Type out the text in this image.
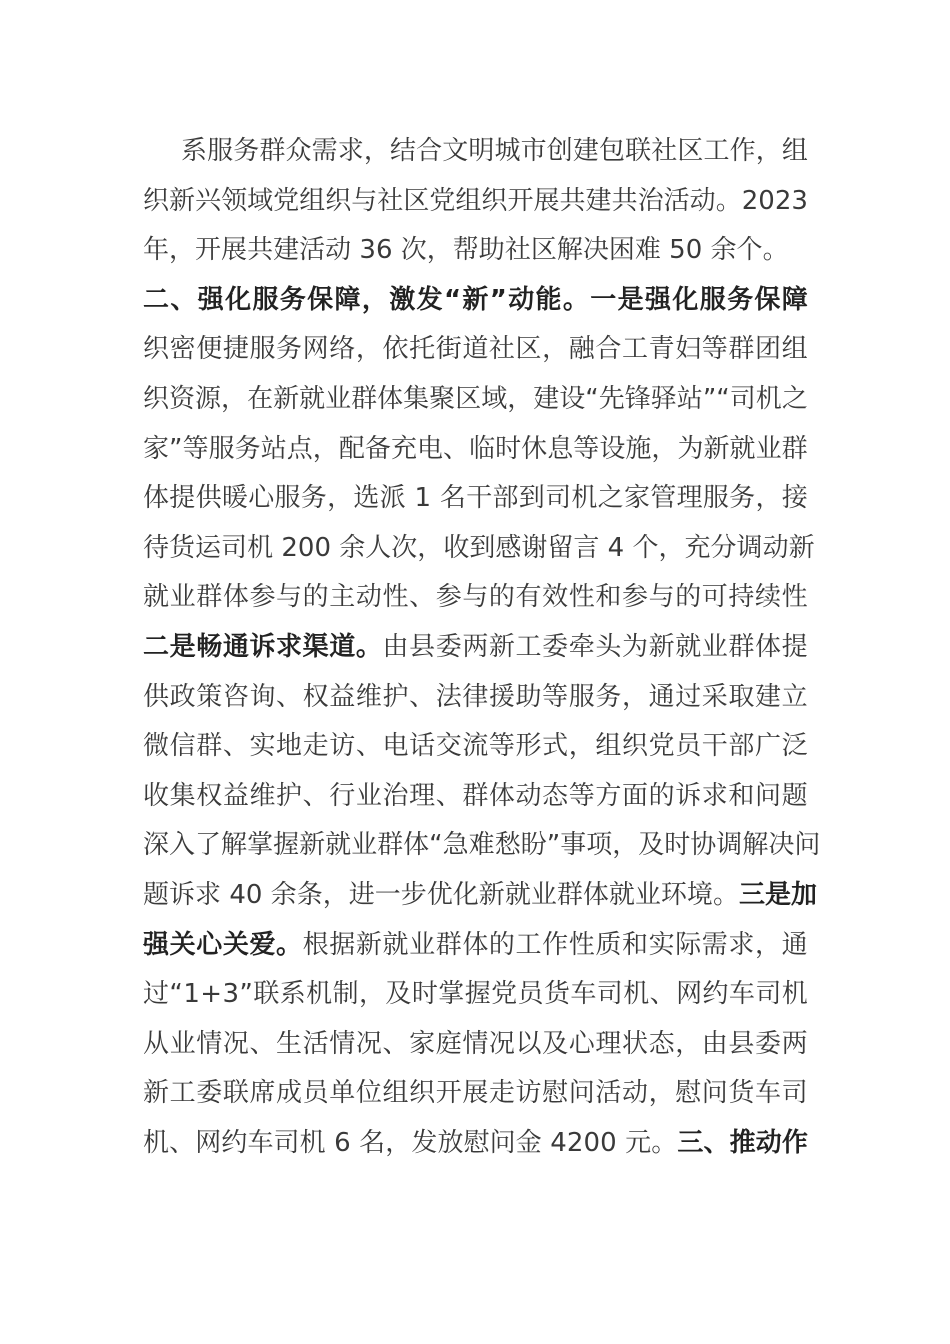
系 服 务 群 众 需 求 ， 结 合 文 明 城 市 创 建 包 联 社 区 工 作 ， 组
织 新 兴 领 域 党 组 织 与 社 区 党 组 织 开 展 共 建 共 治 活 动 。 2 0 2 3
年 ， 开 展 共 建 活 动
3 6
次 ， 帮 助 社 区 解 决 困 难
5 0
余 个 。
二 、 强 化 服 务 保 障 ， 激 发 “ 新 ” 动 能 。 一 是 强 化 服 务 保 障
织 密 便 捷 服 务 网 络 ， 依 托 街 道 社 区 ， 融 合 工 青 妇 等 群 团 组
织 资 源 ， 在 新 就 业 群 体 集 聚 区 域 ， 建 设 “ 先 锋 驿 站 ” “ 司 机 之
家 ” 等 服 务 站 点 ， 配 备 充 电 、 临 时 休 息 等 设 施 ， 为 新 就 业 群
体 提 供 暖 心 服 务 ， 选 派
1
名 干 部 到 司 机 之 家 管 理 服 务 ， 接
待 货 运 司 机
2 0 0
余 人 次 ， 收 到 感 谢 留 言
4
个 ， 充 分 调 动 新
就 业 群 体 参 与 的 主 动 性 、 参 与 的 有 效 性 和 参 与 的 可 持 续 性
二 是 畅 通 诉 求 渠 道 。 由 县 委 两 新 工 委 牵 头 为 新 就 业 群 体 提
供 政 策 咨 询 、 权 益 维 护 、 法 律 援 助 等 服 务 ， 通 过 采 取 建 立
微 信 群 、 实 地 走 访 、 电 话 交 流 等 形 式 ， 组 织 党 员 干 部 广 泛
收 集 权 益 维 护 、 行 业 治 理 、 群 体 动 态 等 方 面 的 诉 求 和 问 题
深 入 了 解 掌 握 新 就 业 群 体 “ 急 难 愁 盼 ” 事 项 ， 及 时 协 调 解 决 问
题 诉 求
4 0
余 条 ， 进 一 步 优 化 新 就 业 群 体 就 业 环 境 。 三 是 加
强 关 心 关 爱 。 根 据 新 就 业 群 体 的 工 作 性 质 和 实 际 需 求 ， 通
过 “ 1 + 3 ” 联 系 机 制 ， 及 时 掌 握 党 员 货 车 司 机 、 网 约 车 司 机
从 业 情 况 、 生 活 情 况 、 家 庭 情 况 以 及 心 理 状 态 ， 由 县 委 两
新 工 委 联 席 成 员 单 位 组 织 开 展 走 访 慰 问 活 动 ， 慰 问 货 车 司
机 、 网 约 车 司 机
6
名 ， 发 放 慰 问 金
4 2 0 0
元 。 三 、 推 动 作
